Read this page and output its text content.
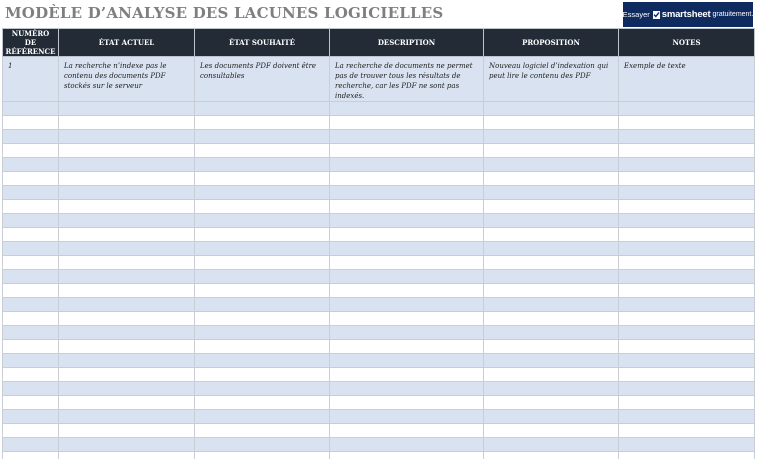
MODÈLE D’ANALYSE DES LACUNES LOGICIELLES	Essayer smartsheet gratuitement.
NUMÉRO DE RÉFÉRENCE	ÉTAT ACTUEL	ÉTAT SOUHAITÉ	DESCRIPTION	PROPOSITION	NOTES
1	La recherche n’indexe pas le contenu des documents PDF stockés sur le serveur	Les documents PDF doivent être consultables	La recherche de documents ne permet pas de trouver tous les résultats de recherche, car les PDF ne sont pas indexés.	Nouveau logiciel d’indexation qui peut lire le contenu des PDF	Exemple de texte
